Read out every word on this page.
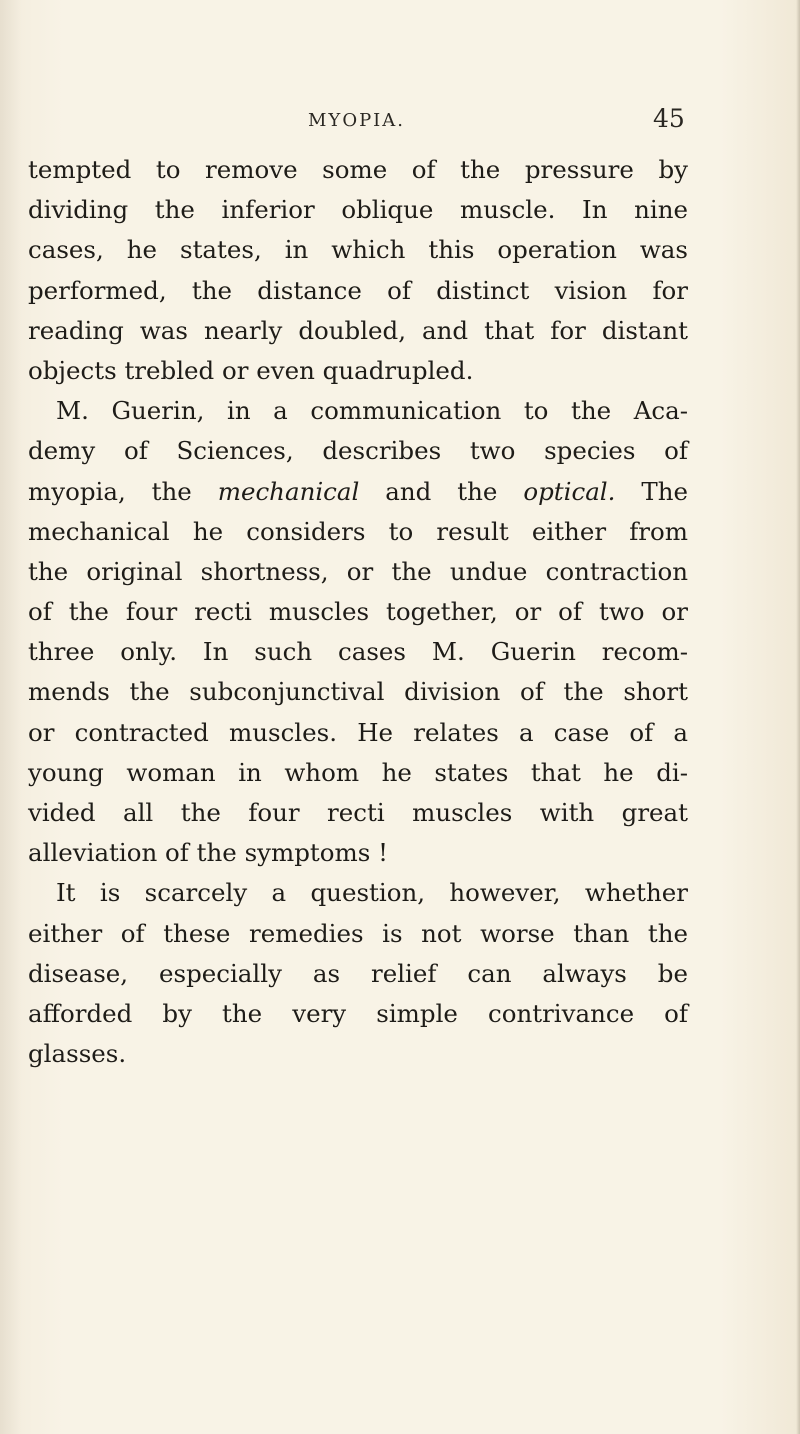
MYOPIA.	45
tempted to remove some of the pressure by
dividing the inferior oblique muscle. In nine
cases, he states, in which this operation was
performed, the distance of distinct vision for
reading was nearly doubled, and that for distant
objects trebled or even quadrupled.
M. Guerin, in a communication to the Aca-
demy of Sciences, describes two species of
myopia, the mechanical and the optical. The
mechanical he considers to result either from
the original shortness, or the undue contraction
of the four recti muscles together, or of two or
three only. In such cases M. Guerin recom-
mends the subconjunctival division of the short
or contracted muscles. He relates a case of a
young woman in whom he states that he di-
vided all the four recti muscles with great
alleviation of the symptoms !
It is scarcely a question, however, whether
either of these remedies is not worse than the
disease, especially as relief can always be
afforded by the very simple contrivance of
glasses.
